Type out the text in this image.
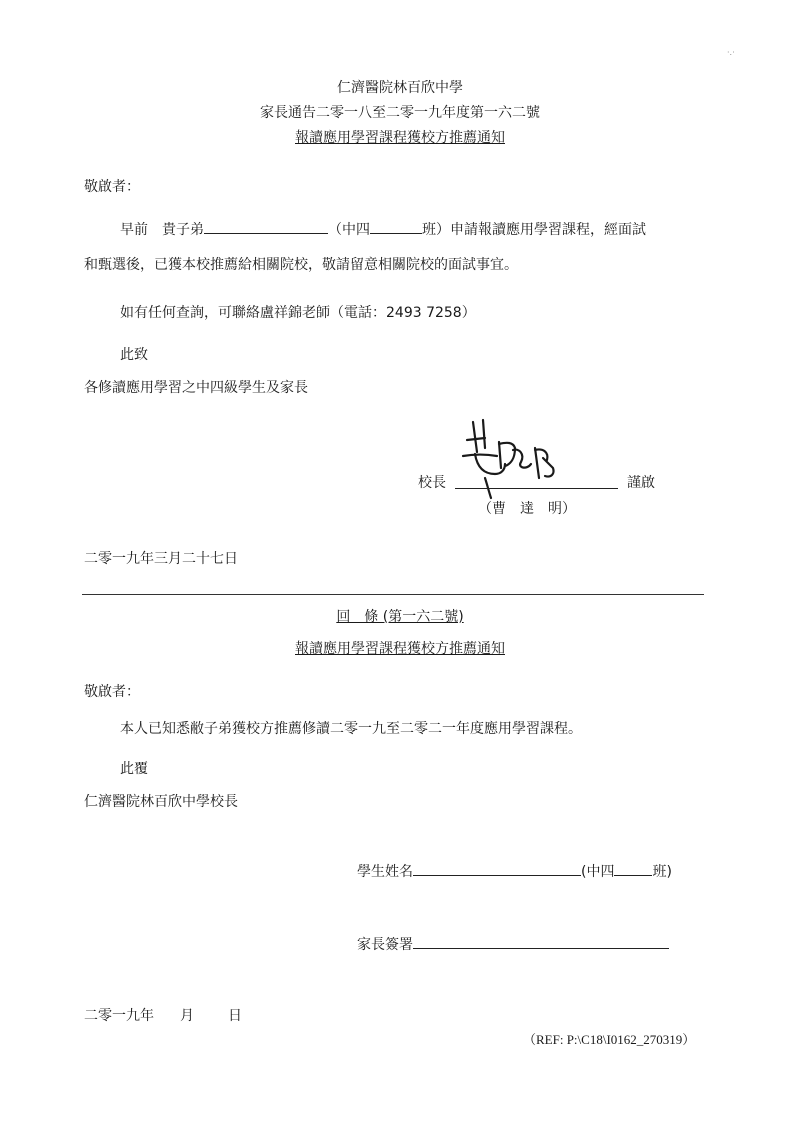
仁濟醫院林百欣中學
家長通告二零一八至二零一九年度第一六二號
報讀應用學習課程獲校方推薦通知
敬啟者：
早前　貴子弟	（中四	班）申請報讀應用學習課程，經面試
和甄選後，已獲本校推薦給相關院校，敬請留意相關院校的面試事宜。
如有任何查詢，可聯絡盧祥錦老師（電話：2493 7258）
此致
各修讀應用學習之中四級學生及家長
校長	謹啟
（曹　達　明）
二零一九年三月二十七日
回　條 (第一六二號)
報讀應用學習課程獲校方推薦通知
敬啟者：
本人已知悉敝子弟獲校方推薦修讀二零一九至二零二一年度應用學習課程。
此覆
仁濟醫院林百欣中學校長
學生姓名	(中四	班)
家長簽署
二零一九年 月 日
（REF: P:\C18\I0162_270319）
·.·
